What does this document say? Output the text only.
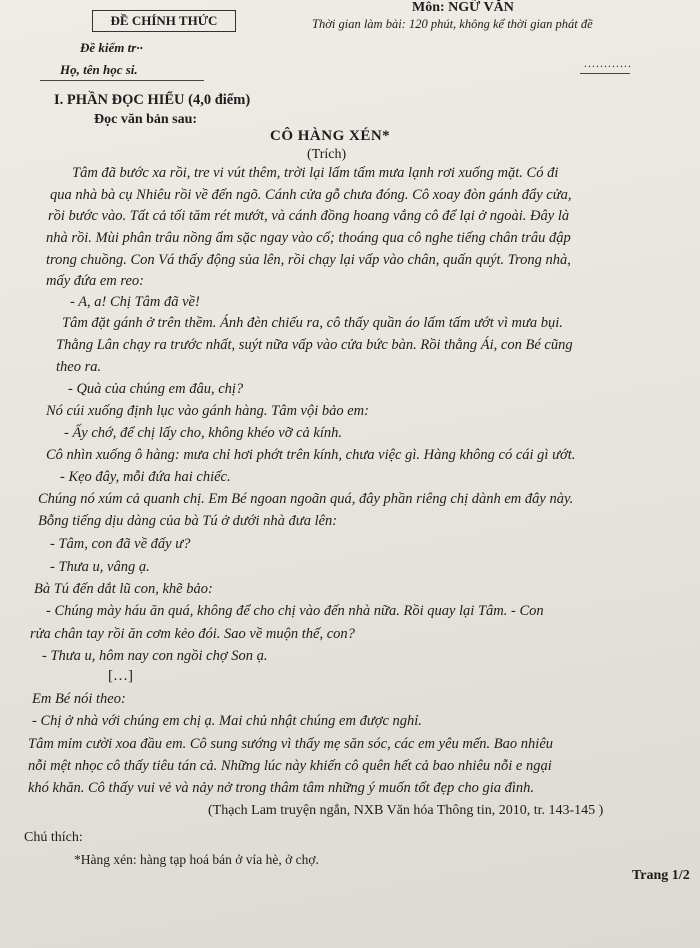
ĐỀ CHÍNH THỨC
Môn: NGỮ VĂN
Thời gian làm bài: 120 phút, không kể thời gian phát đề
Đề kiểm tr··
Họ, tên học si.	............
I. PHẦN ĐỌC HIỂU (4,0 điểm)
Đọc văn bản sau:
CÔ HÀNG XÉN*
(Trích)
Tâm đã bước xa rồi, tre vi vút thêm, trời lại lấm tấm mưa lạnh rơi xuống mặt. Có đi
qua nhà bà cụ Nhiêu rồi về đến ngõ. Cánh cửa gỗ chưa đóng. Cô xoay đòn gánh đẩy cửa,
rồi bước vào. Tất cả tối tăm rét mướt, và cánh đồng hoang vắng cô để lại ở ngoài. Đây là
nhà rồi. Mùi phân trâu nồng ẩm sặc ngay vào cổ; thoáng qua cô nghe tiếng chân trâu đập
trong chuồng. Con Vá thấy động sủa lên, rồi chạy lại vấp vào chân, quấn quýt. Trong nhà,
mấy đứa em reo:
- A, a! Chị Tâm đã về!
Tâm đặt gánh ở trên thềm. Ánh đèn chiếu ra, cô thấy quần áo lấm tấm ướt vì mưa bụi.
Thằng Lân chạy ra trước nhất, suýt nữa vấp vào cửa bức bàn. Rồi thằng Ái, con Bé cũng
theo ra.
- Quà của chúng em đâu, chị?
Nó cúi xuống định lục vào gánh hàng. Tâm vội bảo em:
- Ấy chớ, để chị lấy cho, không khéo vỡ cả kính.
Cô nhìn xuống ô hàng: mưa chỉ hơi phớt trên kính, chưa việc gì. Hàng không có cái gì ướt.
- Kẹo đây, mỗi đứa hai chiếc.
Chúng nó xúm cả quanh chị. Em Bé ngoan ngoãn quá, đây phần riêng chị dành em đây này.
Bỗng tiếng dịu dàng của bà Tú ở dưới nhà đưa lên:
- Tâm, con đã về đấy ư?
- Thưa u, vâng ạ.
Bà Tú đến dắt lũ con, khẽ bảo:
- Chúng mày háu ăn quá, không để cho chị vào đến nhà nữa. Rồi quay lại Tâm. - Con
rửa chân tay rồi ăn cơm kẻo đói. Sao về muộn thế, con?
- Thưa u, hôm nay con ngồi chợ Son ạ.
Em Bé nói theo:
- Chị ở nhà với chúng em chị ạ. Mai chủ nhật chúng em được nghỉ.
Tâm mỉm cười xoa đầu em. Cô sung sướng vì thấy mẹ săn sóc, các em yêu mến. Bao nhiêu
nỗi mệt nhọc cô thấy tiêu tán cả. Những lúc này khiến cô quên hết cả bao nhiêu nỗi e ngại
khó khăn. Cô thấy vui vẻ và nảy nở trong thâm tâm những ý muốn tốt đẹp cho gia đình.
[…]
(Thạch Lam truyện ngắn, NXB Văn hóa Thông tin, 2010, tr. 143-145 )
Chú thích:
*Hàng xén: hàng tạp hoá bán ở vỉa hè, ở chợ.
Trang 1/2
